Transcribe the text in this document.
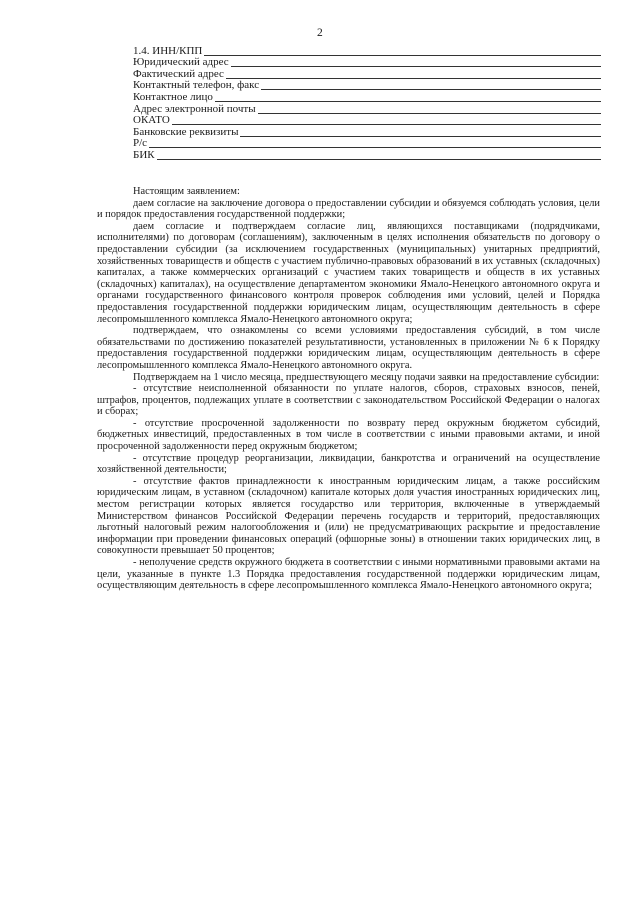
2
1.4. ИНН/КПП
Юридический адрес
Фактический адрес
Контактный телефон, факс
Контактное лицо
Адрес электронной почты
ОКАТО
Банковские реквизиты
Р/с
БИК

Настоящим заявлением:

даем согласие на заключение договора о предоставлении субсидии и обязуемся соблюдать условия, цели и порядок предоставления государственной поддержки;

даем согласие и подтверждаем согласие лиц, являющихся поставщиками (подрядчиками, исполнителями) по договорам (соглашениям), заключенным в целях исполнения обязательств по договору о предоставлении субсидии (за исключением государственных (муниципальных) унитарных предприятий, хозяйственных товариществ и обществ с участием публично-правовых образований в их уставных (складочных) капиталах, а также коммерческих организаций с участием таких товариществ и обществ в их уставных (складочных) капиталах), на осуществление департаментом экономики Ямало-Ненецкого автономного округа и органами государственного финансового контроля проверок соблюдения ими условий, целей и Порядка предоставления государственной поддержки юридическим лицам, осуществляющим деятельность в сфере лесопромышленного комплекса Ямало-Ненецкого автономного округа;

подтверждаем, что ознакомлены со всеми условиями предоставления субсидий, в том числе обязательствами по достижению показателей результативности, установленных в приложении № 6 к Порядку предоставления государственной поддержки юридическим лицам, осуществляющим деятельность в сфере лесопромышленного комплекса Ямало-Ненецкого автономного округа.

Подтверждаем на 1 число месяца, предшествующего месяцу подачи заявки на предоставление субсидии:

- отсутствие неисполненной обязанности по уплате налогов, сборов, страховых взносов, пеней, штрафов, процентов, подлежащих уплате в соответствии с законодательством Российской Федерации о налогах и сборах;

- отсутствие просроченной задолженности по возврату перед окружным бюджетом субсидий, бюджетных инвестиций, предоставленных в том числе в соответствии с иными правовыми актами, и иной просроченной задолженности перед окружным бюджетом;

- отсутствие процедур реорганизации, ликвидации, банкротства и ограничений на осуществление хозяйственной деятельности;

- отсутствие фактов принадлежности к иностранным юридическим лицам, а также российским юридическим лицам, в уставном (складочном) капитале которых доля участия иностранных юридических лиц, местом регистрации которых является государство или территория, включенные в утверждаемый Министерством финансов Российской Федерации перечень государств и территорий, предоставляющих льготный налоговый режим налогообложения и (или) не предусматривающих раскрытие и предоставление информации при проведении финансовых операций (офшорные зоны) в отношении таких юридических лиц, в совокупности превышает 50 процентов;

- неполучение средств окружного бюджета в соответствии с иными нормативными правовыми актами на цели, указанные в пункте 1.3 Порядка предоставления государственной поддержки юридическим лицам, осуществляющим деятельность в сфере лесопромышленного комплекса Ямало-Ненецкого автономного округа;
